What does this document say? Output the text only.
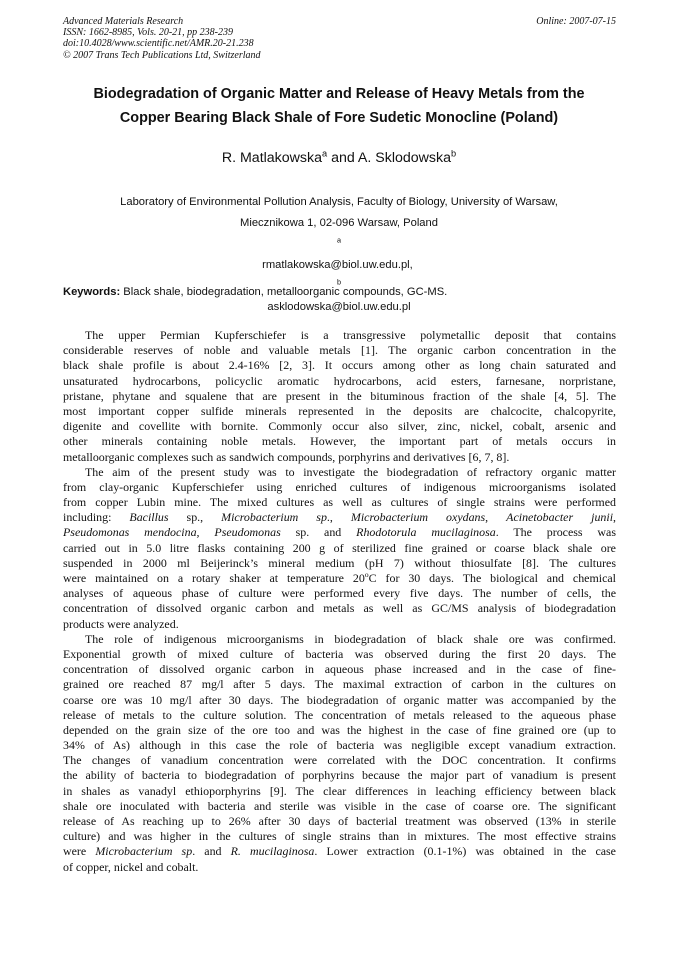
Advanced Materials Research
ISSN: 1662-8985, Vols. 20-21, pp 238-239
doi:10.4028/www.scientific.net/AMR.20-21.238
© 2007 Trans Tech Publications Ltd, Switzerland
Online: 2007-07-15
Biodegradation of Organic Matter and Release of Heavy Metals from the
Copper Bearing Black Shale of Fore Sudetic Monocline (Poland)
R. Matlakowska$^a$ and A. Sklodowska$^b$
Laboratory of Environmental Pollution Analysis, Faculty of Biology, University of Warsaw,
Miecznikowa 1, 02-096 Warsaw, Poland
$^a$
rmatlakowska@biol.uw.edu.pl,
$^b$
asklodowska@biol.uw.edu.pl
Keywords: Black shale, biodegradation, metalloorganic compounds, GC-MS.
The upper Permian Kupferschiefer is a transgressive polymetallic deposit that contains
considerable reserves of noble and valuable metals [1]. The organic carbon concentration in the
black shale profile is about 2.4-16% [2, 3]. It occurs among other as long chain saturated and
unsaturated hydrocarbons, policyclic aromatic hydrocarbons, acid esters, farnesane, norpristane,
pristane, phytane and squalene that are present in the bituminous fraction of the shale [4, 5]. The
most important copper sulfide minerals represented in the deposits are chalcocite, chalcopyrite,
digenite and covellite with bornite. Commonly occur also silver, zinc, nickel, cobalt, arsenic and
other minerals containing noble metals. However, the important part of metals occurs in
metalloorganic complexes such as sandwich compounds, porphyrins and derivatives [6, 7, 8].
The aim of the present study was to investigate the biodegradation of refractory organic matter
from clay-organic Kupferschiefer using enriched cultures of indigenous microorganisms isolated
from copper Lubin mine. The mixed cultures as well as cultures of single strains were performed
including: Bacillus sp., Microbacterium sp., Microbacterium oxydans, Acinetobacter junii,
Pseudomonas mendocina, Pseudomonas sp. and Rhodotorula mucilaginosa. The process was
carried out in 5.0 litre flasks containing 200 g of sterilized fine grained or coarse black shale ore
suspended in 2000 ml Beijerinck’s mineral medium (pH 7) without thiosulfate [8]. The cultures
were maintained on a rotary shaker at temperature 20$^o$C for 30 days. The biological and chemical
analyses of aqueous phase of culture were performed every five days. The number of cells, the
concentration of dissolved organic carbon and metals as well as GC/MS analysis of biodegradation
products were analyzed.
The role of indigenous microorganisms in biodegradation of black shale ore was confirmed.
Exponential growth of mixed culture of bacteria was observed during the first 20 days. The
concentration of dissolved organic carbon in aqueous phase increased and in the case of fine-
grained ore reached 87 mg/l after 5 days. The maximal extraction of carbon in the cultures on
coarse ore was 10 mg/l after 30 days. The biodegradation of organic matter was accompanied by the
release of metals to the culture solution. The concentration of metals released to the aqueous phase
depended on the grain size of the ore too and was the highest in the case of fine grained ore (up to
34% of As) although in this case the role of bacteria was negligible except vanadium extraction.
The changes of vanadium concentration were correlated with the DOC concentration. It confirms
the ability of bacteria to biodegradation of porphyrins because the major part of vanadium is present
in shales as vanadyl ethioporphyrins [9]. The clear differences in leaching efficiency between black
shale ore inoculated with bacteria and sterile was visible in the case of coarse ore. The significant
release of As reaching up to 26% after 30 days of bacterial treatment was observed (13% in sterile
culture) and was higher in the cultures of single strains than in mixtures. The most effective strains
were Microbacterium sp. and R. mucilaginosa. Lower extraction (0.1-1%) was obtained in the case
of copper, nickel and cobalt.
